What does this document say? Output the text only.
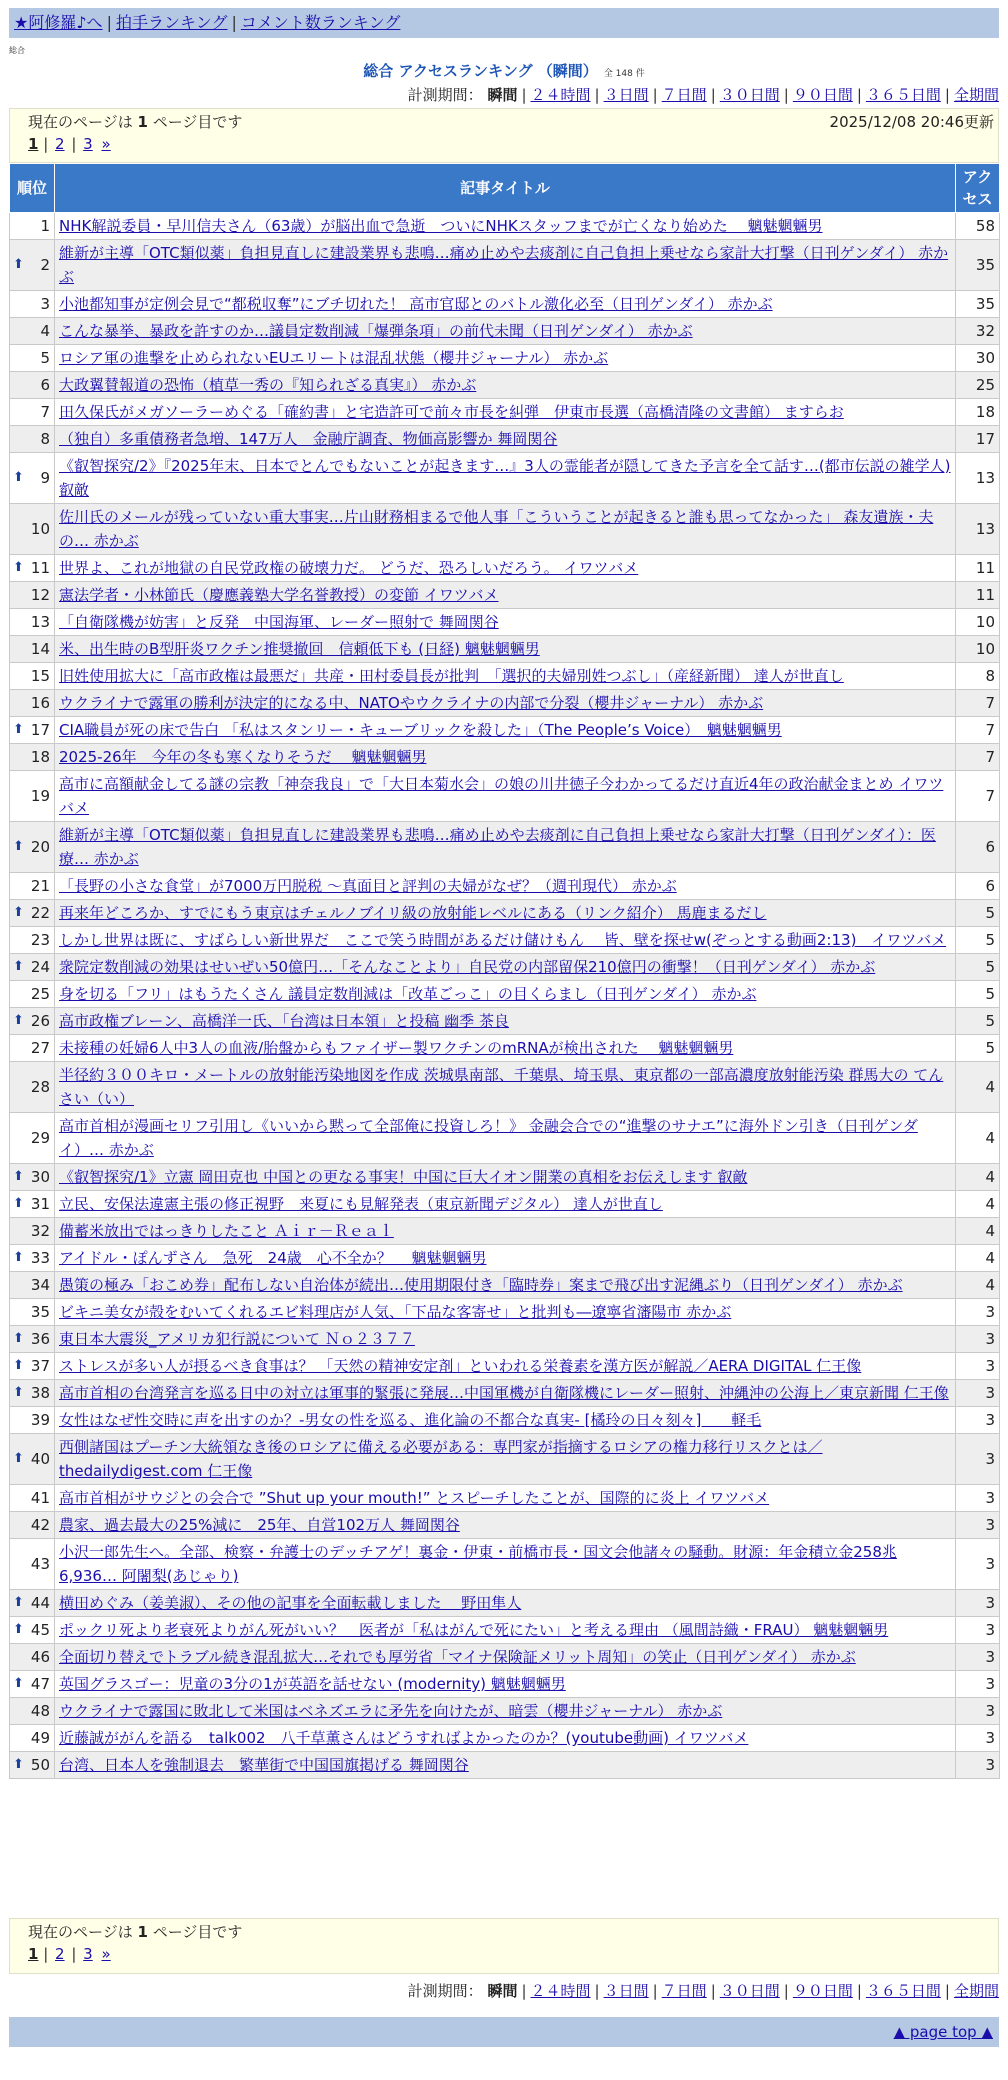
★阿修羅♪へ | 拍手ランキング | コメント数ランキング
総合
総合 アクセスランキング （瞬間） 全 148 件
計測期間： 瞬間 | ２４時間 | ３日間 | ７日間 | ３０日間 | ９０日間 | ３６５日間 | 全期間
現在のページは 1 ページ目です	2025/12/08 20:46更新
1 | 2 | 3 »
順位	記事タイトル	アクセス
1	NHK解説委員・早川信夫さん（63歳）が脳出血で急逝　ついにNHKスタッフまでが亡くなり始めた　 魑魅魍魎男	58

⬆ 2	維新が主導「OTC類似薬」負担見直しに建設業界も悲鳴…痛め止めや去痰剤に自己負担上乗せなら家計大打撃（日刊ゲンダイ） 赤かぶ	35
3	小池都知事が定例会見で“都税収奪”にブチ切れた！ 高市官邸とのバトル激化必至（日刊ゲンダイ） 赤かぶ	35
4	こんな暴挙、暴政を許すのか…議員定数削減「爆弾条項」の前代未聞（日刊ゲンダイ） 赤かぶ	32
5	ロシア軍の進撃を止められないEUエリートは混乱状態（櫻井ジャーナル） 赤かぶ	30
6	大政翼賛報道の恐怖（植草一秀の『知られざる真実』） 赤かぶ	25
7	田久保氏がメガソーラーめぐる「確約書」と宅造許可で前々市長を糾弾　伊東市長選（高橋清隆の文書館） ますらお	18
8	（独自）多重債務者急増、147万人　金融庁調査、物価高影響か 舞岡関谷	17

⬆ 9	《叡智探究/2》『2025年末、日本でとんでもないことが起きます…』3人の霊能者が隠してきた予言を全て話す…(都市伝説の雑学人) 叡敵	13
10	佐川氏のメールが残っていない重大事実…片山財務相まるで他人事「こういうことが起きると誰も思ってなかった」 森友遺族・夫の… 赤かぶ	13

⬆ 11	世界よ、これが地獄の自民党政権の破壊力だ。 どうだ、恐ろしいだろう。 イワツバメ	11
12	憲法学者・小林節氏（慶應義塾大学名誉教授）の変節 イワツバメ	11
13	「自衛隊機が妨害」と反発　中国海軍、レーダー照射で 舞岡関谷	10
14	米、出生時のB型肝炎ワクチン推奨撤回　信頼低下も (日経) 魑魅魍魎男	10
15	旧姓使用拡大に「高市政権は最悪だ」共産・田村委員長が批判　「選択的夫婦別姓つぶし」（産経新聞） 達人が世直し	8
16	ウクライナで露軍の勝利が決定的になる中、NATOやウクライナの内部で分裂（櫻井ジャーナル） 赤かぶ	7

⬆ 17	CIA職員が死の床で告白 「私はスタンリー・キューブリックを殺した」（The People’s Voice）　魑魅魍魎男	7
18	2025-26年　今年の冬も寒くなりそうだ　 魑魅魍魎男	7
19	高市に高額献金してる謎の宗教「神奈我良」で「大日本菊水会」の娘の川井徳子今わかってるだけ直近4年の政治献金まとめ イワツバメ	7

⬆ 20	維新が主導「OTC類似薬」負担見直しに建設業界も悲鳴…痛め止めや去痰剤に自己負担上乗せなら家計大打撃（日刊ゲンダイ）：医療… 赤かぶ	6
21	「長野の小さな食堂」が7000万円脱税 ～真面目と評判の夫婦がなぜ？（週刊現代） 赤かぶ	6

⬆ 22	再来年どころか、すでにもう東京はチェルノブイリ級の放射能レベルにある（リンク紹介） 馬鹿まるだし	5
23	しかし世界は既に、すばらしい新世界だ　ここで笑う時間があるだけ儲けもん　 皆、壁を探せw(ぞっとする動画2:13)　イワツバメ	5

⬆ 24	衆院定数削減の効果はせいぜい50億円…「そんなことより」自民党の内部留保210億円の衝撃！（日刊ゲンダイ） 赤かぶ	5
25	身を切る「フリ」はもうたくさん 議員定数削減は「改革ごっこ」の目くらまし（日刊ゲンダイ） 赤かぶ	5

⬆ 26	高市政権ブレーン、高橋洋一氏、「台湾は日本領」と投稿 幽季 茶良	5
27	未接種の妊婦6人中3人の血液/胎盤からもファイザー製ワクチンのmRNAが検出された　 魑魅魍魎男	5
28	半径約３００キロ・メートルの放射能汚染地図を作成 茨城県南部、千葉県、埼玉県、東京都の一部高濃度放射能汚染 群馬大の てんさい（い）	4
29	高市首相が漫画セリフ引用し《いいから黙って全部俺に投資しろ！》 金融会合での“進撃のサナエ”に海外ドン引き（日刊ゲンダイ）… 赤かぶ	4

⬆ 30	《叡智探究/1》立憲 岡田克也 中国との更なる事実！中国に巨大イオン開業の真相をお伝えします 叡敵	4

⬆ 31	立民、安保法違憲主張の修正視野　来夏にも見解発表（東京新聞デジタル） 達人が世直し	4
32	備蓄米放出ではっきりしたこと Ａｉｒ－Ｒｅａｌ	4

⬆ 33	アイドル・ぽんずさん　急死　24歳　心不全か？　 魑魅魍魎男	4
34	愚策の極み「おこめ券」配布しない自治体が続出…使用期限付き「臨時券」案まで飛び出す泥縄ぶり（日刊ゲンダイ） 赤かぶ	4
35	ビキニ美女が殻をむいてくれるエビ料理店が人気、「下品な客寄せ」と批判も―遼寧省瀋陽市 赤かぶ	3

⬆ 36	東日本大震災_アメリカ犯行説について Ｎｏ２３７７	3

⬆ 37	ストレスが多い人が摂るべき食事は？ 「天然の精神安定剤」といわれる栄養素を漢方医が解説／AERA DIGITAL 仁王像	3

⬆ 38	高市首相の台湾発言を巡る日中の対立は軍事的緊張に発展…中国軍機が自衛隊機にレーダー照射、沖縄沖の公海上／東京新聞 仁王像	3
39	女性はなぜ性交時に声を出すのか？-男女の性を巡る、進化論の不都合な真実- [橘玲の日々刻々]　　軽毛	3

⬆ 40	西側諸国はプーチン大統領なき後のロシアに備える必要がある：専門家が指摘するロシアの権力移行リスクとは／thedailydigest.com 仁王像	3
41	高市首相がサウジとの会合で ”Shut up your mouth!” とスピーチしたことが、国際的に炎上 イワツバメ	3
42	農家、過去最大の25%減に　25年、自営102万人 舞岡関谷	3
43	小沢一郎先生へ。全部、検察・弁護士のデッチアゲ！裏金・伊東・前橋市長・国文会他諸々の騒動。財源：年金積立金258兆6,936… 阿闍梨(あじゃり)	3

⬆ 44	横田めぐみ（姜美淑）、その他の記事を全面転載しました　 野田隼人	3

⬆ 45	ポックリ死より老衰死よりがん死がいい？　医者が「私はがんで死にたい」と考える理由 （風間詩織・FRAU） 魑魅魍魎男	3
46	全面切り替えでトラブル続き混乱拡大…それでも厚労省「マイナ保険証メリット周知」の笑止（日刊ゲンダイ） 赤かぶ	3

⬆ 47	英国グラスゴー：児童の3分の1が英語を話せない (modernity) 魑魅魍魎男	3
48	ウクライナで露国に敗北して米国はベネズエラに矛先を向けたが、暗雲（櫻井ジャーナル） 赤かぶ	3
49	近藤誠ががんを語る　talk002　八千草薫さんはどうすればよかったのか？(youtube動画) イワツバメ	3

⬆ 50	台湾、日本人を強制退去　繁華街で中国国旗掲げる 舞岡関谷	3
現在のページは 1 ページ目です
1 | 2 | 3 »
計測期間： 瞬間 | ２４時間 | ３日間 | ７日間 | ３０日間 | ９０日間 | ３６５日間 | 全期間
▲ page top ▲
